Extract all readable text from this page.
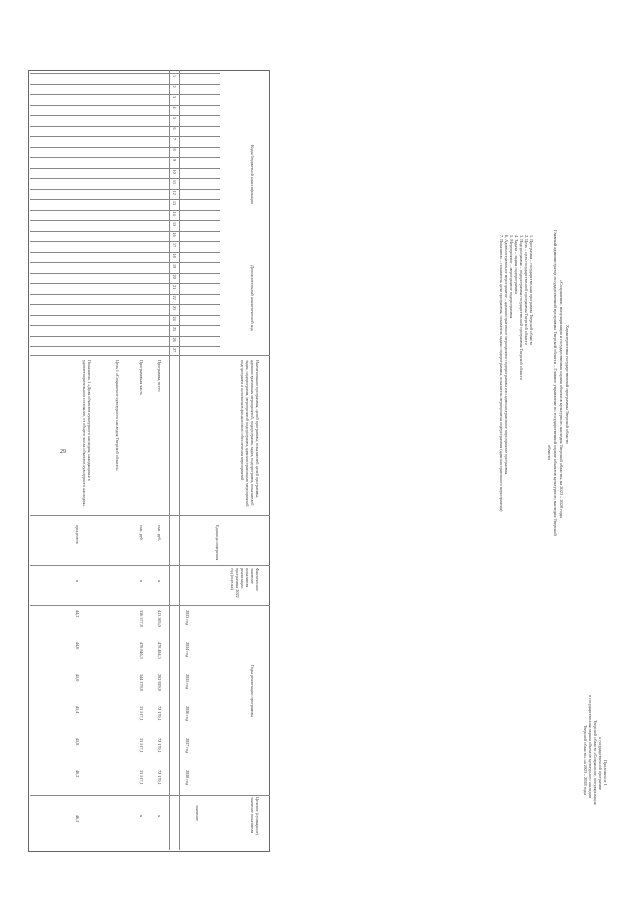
29
Приложение 1
к государственной программе
Тверской области «Сохранение, популяризация
и государственная охрана объектов культурного наследия
Тверской области» на 2023 – 2028 годы
Характеристика государственной программы Тверской области
«Сохранение, популяризация и государственная охрана объектов культурного наследия Тверской области» на 2023 – 2028 годы
Главный администратор государственной программы Тверской области – Главное управление по государственной охране объектов культурного наследия Тверской
области
1. Программа – государственная программа Тверской области
2. Цель – цель государственной программы Тверской области
3. Подпрограмма – подпрограмма государственной программы Тверской области
4. Задача – задача подпрограммы
5. Мероприятие – мероприятие подпрограммы
6. Административное мероприятие – административное мероприятие подпрограммы или административное мероприятие программы
7. Показатель – показатель цели программы, показатель задачи подпрограммы, показатель мероприятия подпрограммы (административного мероприятия)
Коды бюджетной классификации
Дополнительный аналитический код
Наименование программы, целей программы, показателей целей программы, административных мероприятий, подпрограмм, задач, подпрограмм, показателей задач, подпрограмм, мероприятий подпрограмм, административных мероприятий подпрограмм и источников финансового обеспечения мероприятий
Единица измерения
Фактическое значение показателя реализации программы 2022 год (оценка)
Годы реализации программы
Целевое (суммарное) значение показателя
значение
2023 год
2024 год
2025 год
2026 год
2027 год
2028 год
Программа, всего
тыс. руб.
х
413 583,0
478 484,3
282 929,9
72 170,1
72 170,1
72 170,1
х
Программная часть
тыс. руб.
х
336 577,9
476 846,3
344 379,9
33 517,1
33 517,1
33 517,1
х
Цель 1 «Сохранение культурного наследия Тверской области»
Показатель 1 «Доля объектов культурного наследия, находящихся в удовлетворительном состоянии, от общего числа объектов культурного наследия»
процентов
х
44,2
44,6
45,0
45,4
45,8
46,2
46,2
1
2
3
4
5
6
7
8
9
10
11
12
13
14
15
16
17
18
19
20
21
22
23
24
25
26
27
